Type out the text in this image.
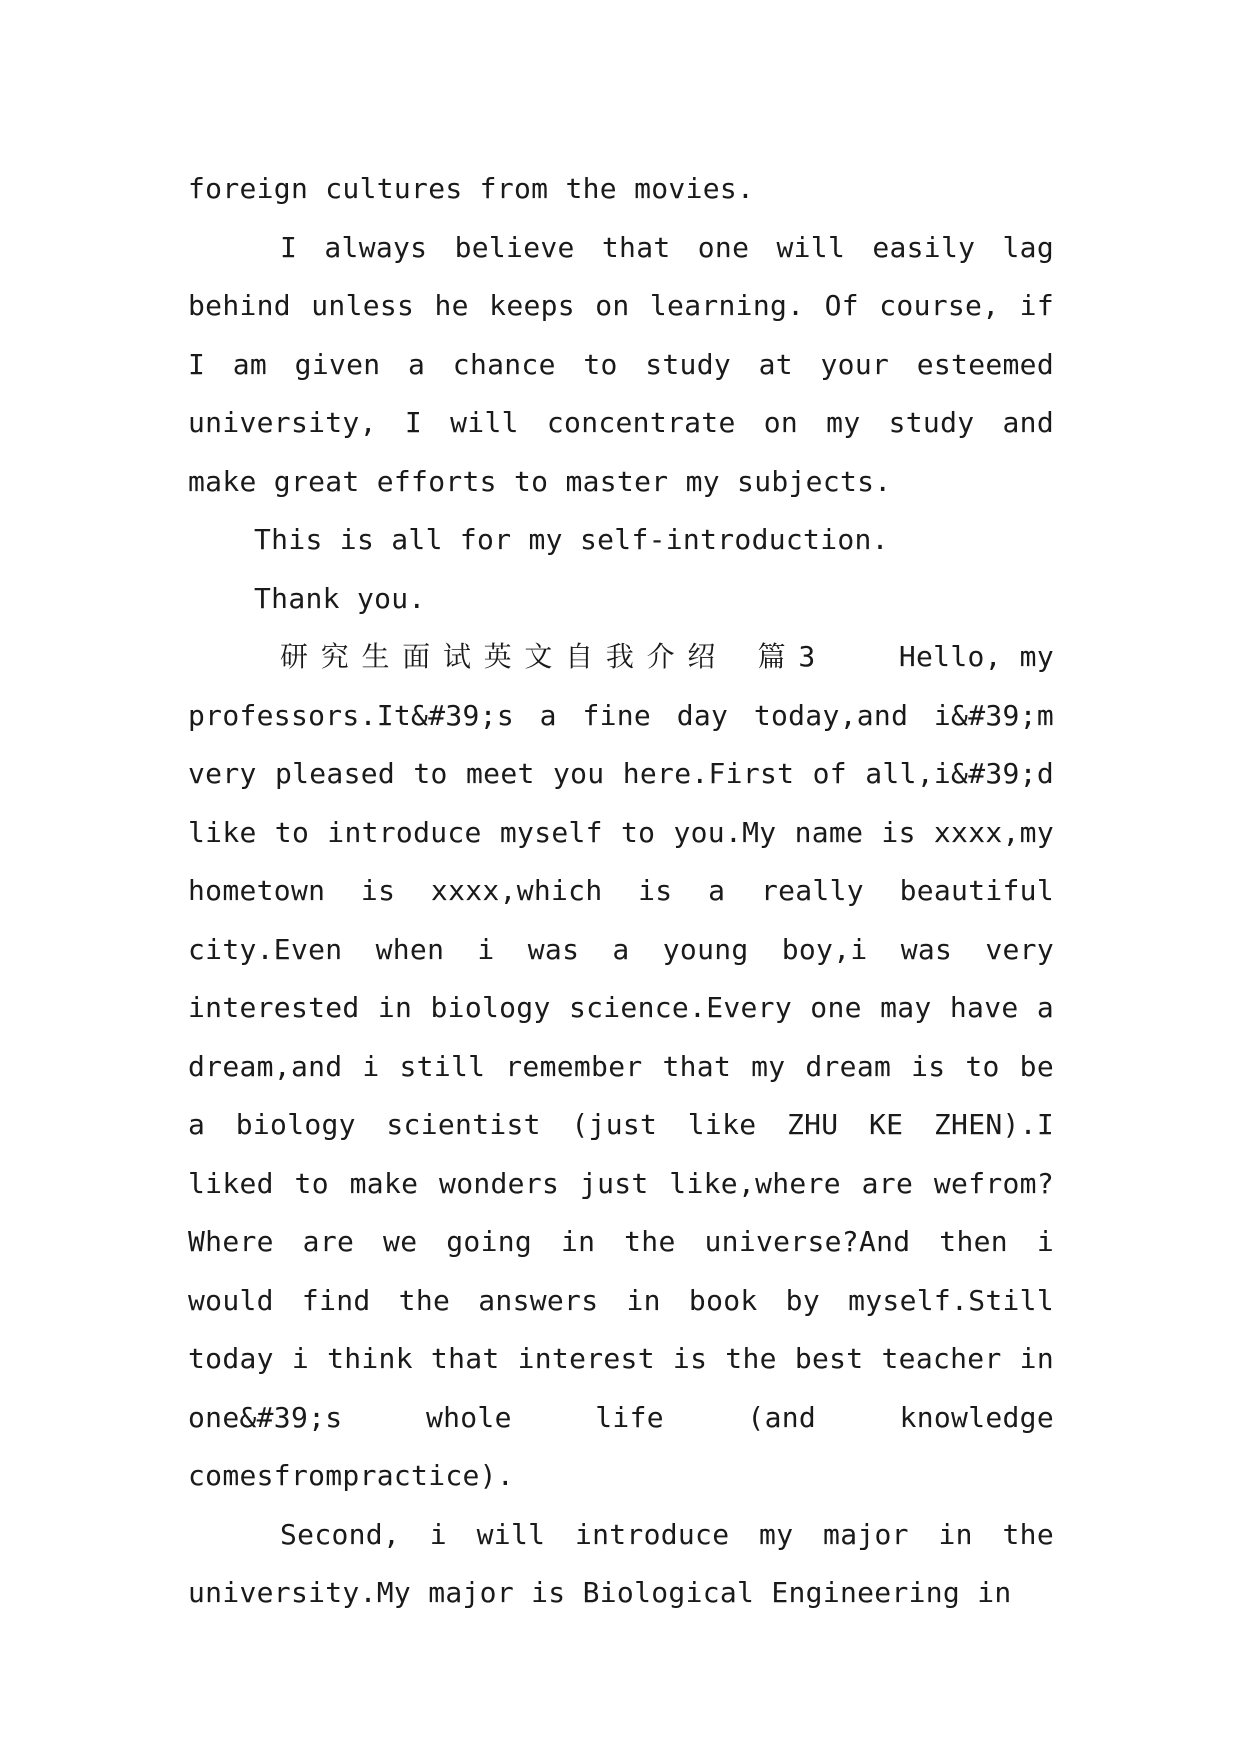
foreign cultures from the movies.

I always believe that one will easily lag behind unless he keeps on learning. Of course, if I am given a chance to study at your esteemed university, I will concentrate on my study and make great efforts to master my subjects.

This is all for my self-introduction.

Thank you.

研究生面试英文自我介绍 篇3	Hello, my professors.It&#39;s a fine day today,and i&#39;m very pleased to meet you here.First of all,i&#39;d like to introduce myself to you.My name is xxxx,my hometown is xxxx,which is a really beautiful city.Even when i was a young boy,i was very interested in biology science.Every one may have a dream,and i still remember that my dream is to be a biology scientist (just like ZHU KE ZHEN).I liked to make wonders just like,where are wefrom?Where are we going in the universe?And then i would find the answers in book by myself.Still today i think that interest is the best teacher in one&#39;s whole life (and knowledge comesfrompractice).

Second, i will introduce my major in the university.My major is Biological Engineering in
